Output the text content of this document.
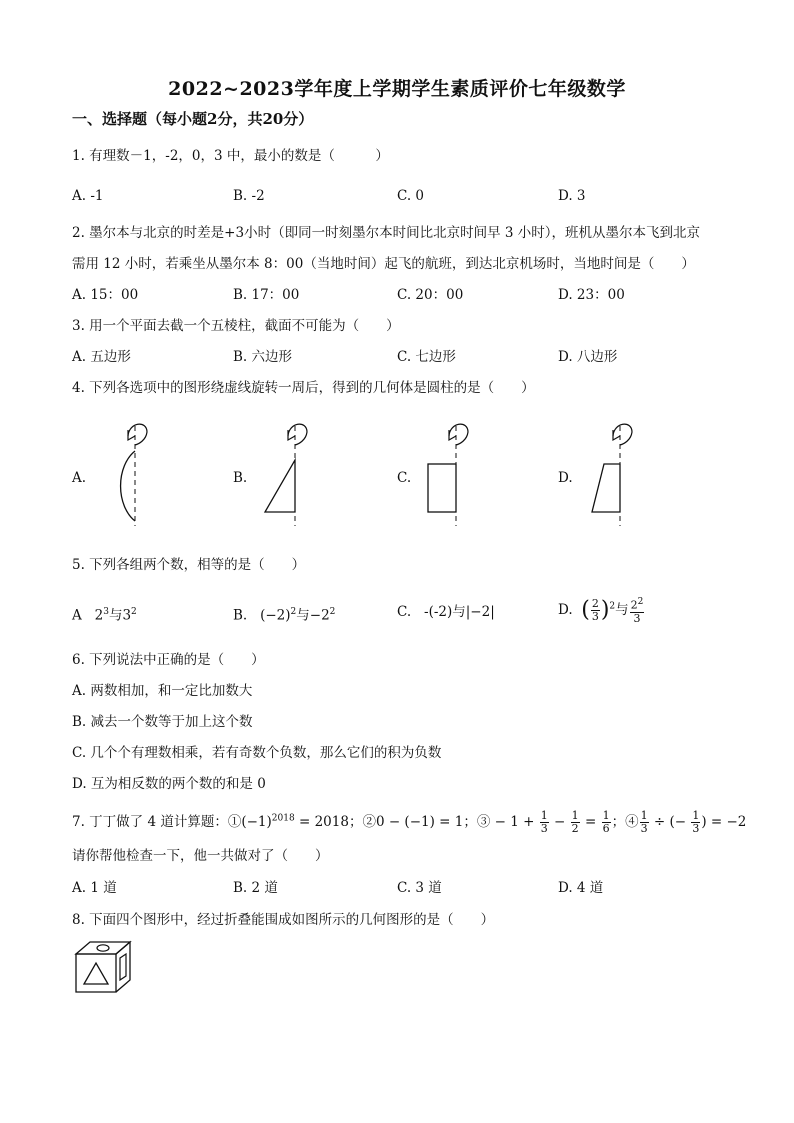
2022~2023学年度上学期学生素质评价七年级数学
一、选择题（每小题2分，共20分）
1. 有理数－1，-2，0，3 中，最小的数是（　　　）
A. -1	B. -2	C. 0	D. 3
2. 墨尔本与北京的时差是+3小时（即同一时刻墨尔本时间比北京时间早 3 小时），班机从墨尔本飞到北京
需用 12 小时，若乘坐从墨尔本 8：00（当地时间）起飞的航班，到达北京机场时，当地时间是（　　）
A. 15：00	B. 17：00	C. 20：00	D. 23：00
3. 用一个平面去截一个五棱柱，截面不可能为（　　）
A. 五边形	B. 六边形	C. 七边形	D. 八边形
4. 下列各选项中的图形绕虚线旋转一周后，得到的几何体是圆柱的是（　　）
A.	B.	C.	D.
5. 下列各组两个数，相等的是（　　）
A $2^3$与$3^2$	B. $(-2)^2$与$-2^2$	C. -(-2)与|−2|	D. ( $\frac{2}{3} )^2$与 $\frac{2^2}{3}$
6. 下列说法中正确的是（　　）
A. 两数相加，和一定比加数大
B. 减去一个数等于加上这个数
C. 几个个有理数相乘，若有奇数个负数，那么它们的积为负数
D. 互为相反数的两个数的和是 0
7. 丁丁做了 4 道计算题：$①(-1)^{2018} = 2018$；②0 − (−1) = 1；③ − $1 + \frac{1}{3} - \frac{1}{2} = \frac{1}{6}$ ；④ $\frac{1}{3}$ ÷ (− $\frac{1}{3}$ ) = −2
请你帮他检查一下，他一共做对了（　　）
A. 1 道	B. 2 道	C. 3 道	D. 4 道
8. 下面四个图形中，经过折叠能围成如图所示的几何图形的是（　　）
